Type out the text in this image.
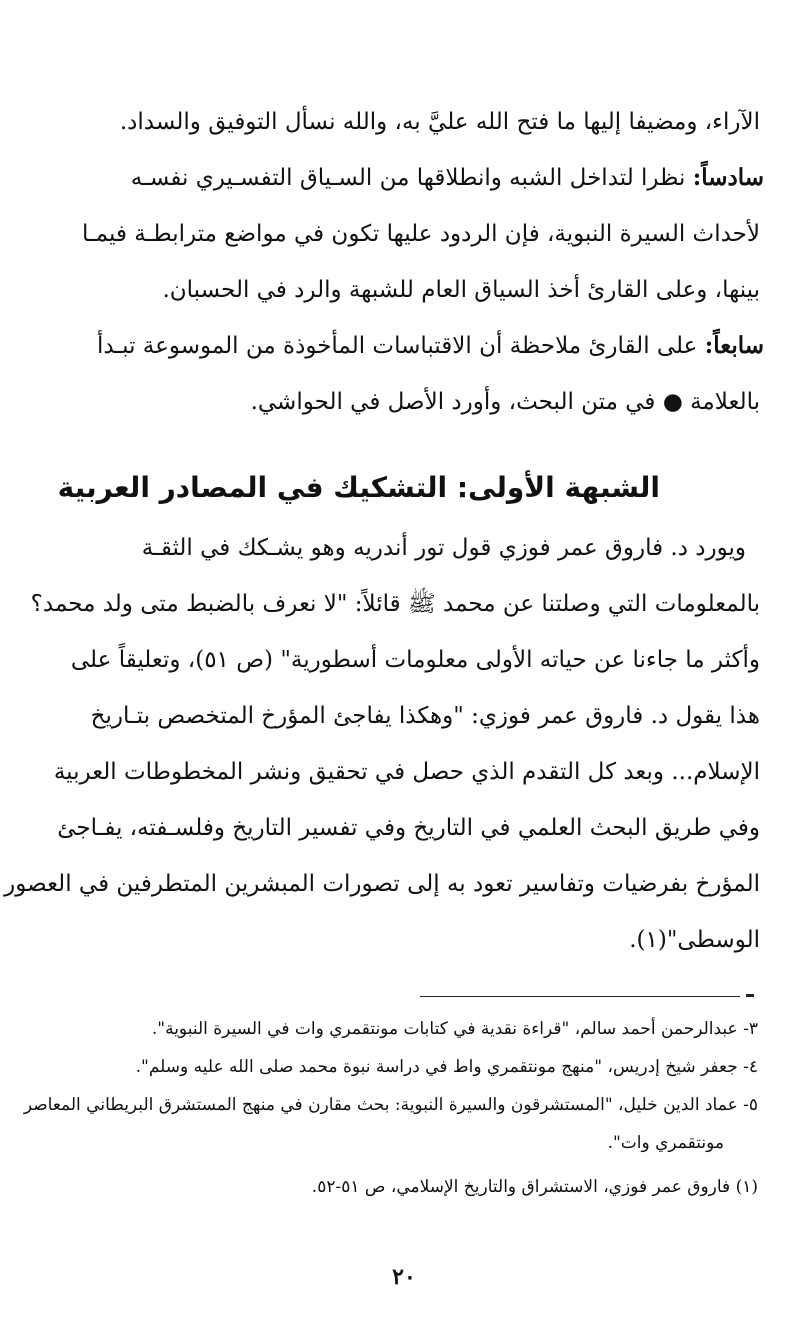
الآراء، ومضيفا إليها ما فتح الله عليَّ به، والله نسأل التوفيق والسداد.
سادساً: نظرا لتداخل الشبه وانطلاقها من السـياق التفسـيري نفسـه
لأحداث السيرة النبوية، فإن الردود عليها تكون في مواضع مترابطـة فيمـا
بينها، وعلى القارئ أخذ السياق العام للشبهة والرد في الحسبان.
سابعاً: على القارئ ملاحظة أن الاقتباسات المأخوذة من الموسوعة تبـدأ
بالعلامة ● في متن البحث، وأورد الأصل في الحواشي.
الشبهة الأولى: التشكيك في المصادر العربية
ويورد د. فاروق عمر فوزي قول تور أندريه وهو يشـكك في الثقـة
بالمعلومات التي وصلتنا عن محمد ﷺ قائلاً: "لا نعرف بالضبط متى ولد محمد؟
وأكثر ما جاءنا عن حياته الأولى معلومات أسطورية" (ص ٥١)، وتعليقاً على
هذا يقول د. فاروق عمر فوزي: "وهكذا يفاجئ المؤرخ المتخصص بتـاريخ
الإسلام... وبعد كل التقدم الذي حصل في تحقيق ونشر المخطوطات العربية
وفي طريق البحث العلمي في التاريخ وفي تفسير التاريخ وفلسـفته، يفـاجئ
المؤرخ بفرضيات وتفاسير تعود به إلى تصورات المبشرين المتطرفين في العصور
الوسطى"(١).
٣- عبدالرحمن أحمد سالم، "قراءة نقدية في كتابات مونتقمري وات في السيرة النبوية".
٤- جعفر شيخ إدريس، "منهج مونتقمري واط في دراسة نبوة محمد صلى الله عليه وسلم".
٥- عماد الدين خليل، "المستشرقون والسيرة النبوية: بحث مقارن في منهج المستشرق البريطاني المعاصر
مونتقمري وات".
(١) فاروق عمر فوزي، الاستشراق والتاريخ الإسلامي، ص ٥١-٥٢.
٢٠
